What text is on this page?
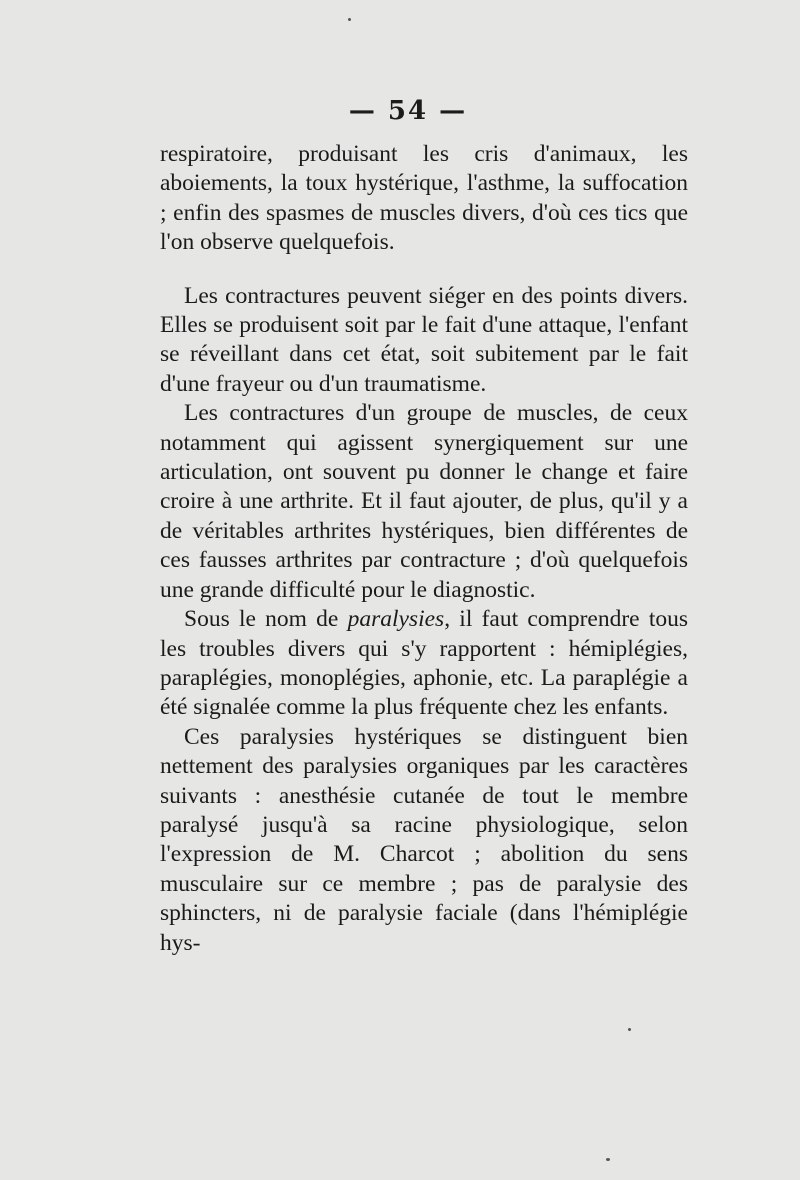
— 54 —

respiratoire, produisant les cris d'animaux, les aboiements, la toux hystérique, l'asthme, la suffocation ; enfin des spasmes de muscles divers, d'où ces tics que l'on observe quelquefois.

Les contractures peuvent siéger en des points divers. Elles se produisent soit par le fait d'une attaque, l'enfant se réveillant dans cet état, soit subitement par le fait d'une frayeur ou d'un traumatisme.

Les contractures d'un groupe de muscles, de ceux notamment qui agissent synergiquement sur une articulation, ont souvent pu donner le change et faire croire à une arthrite. Et il faut ajouter, de plus, qu'il y a de véritables arthrites hystériques, bien différentes de ces fausses arthrites par contracture ; d'où quelquefois une grande difficulté pour le diagnostic.

Sous le nom de paralysies, il faut comprendre tous les troubles divers qui s'y rapportent : hémiplégies, paraplégies, monoplégies, aphonie, etc. La paraplégie a été signalée comme la plus fréquente chez les enfants.

Ces paralysies hystériques se distinguent bien nettement des paralysies organiques par les caractères suivants : anesthésie cutanée de tout le membre paralysé jusqu'à sa racine physiologique, selon l'expression de M. Charcot ; abolition du sens musculaire sur ce membre ; pas de paralysie des sphincters, ni de paralysie faciale (dans l'hémiplégie hys-
